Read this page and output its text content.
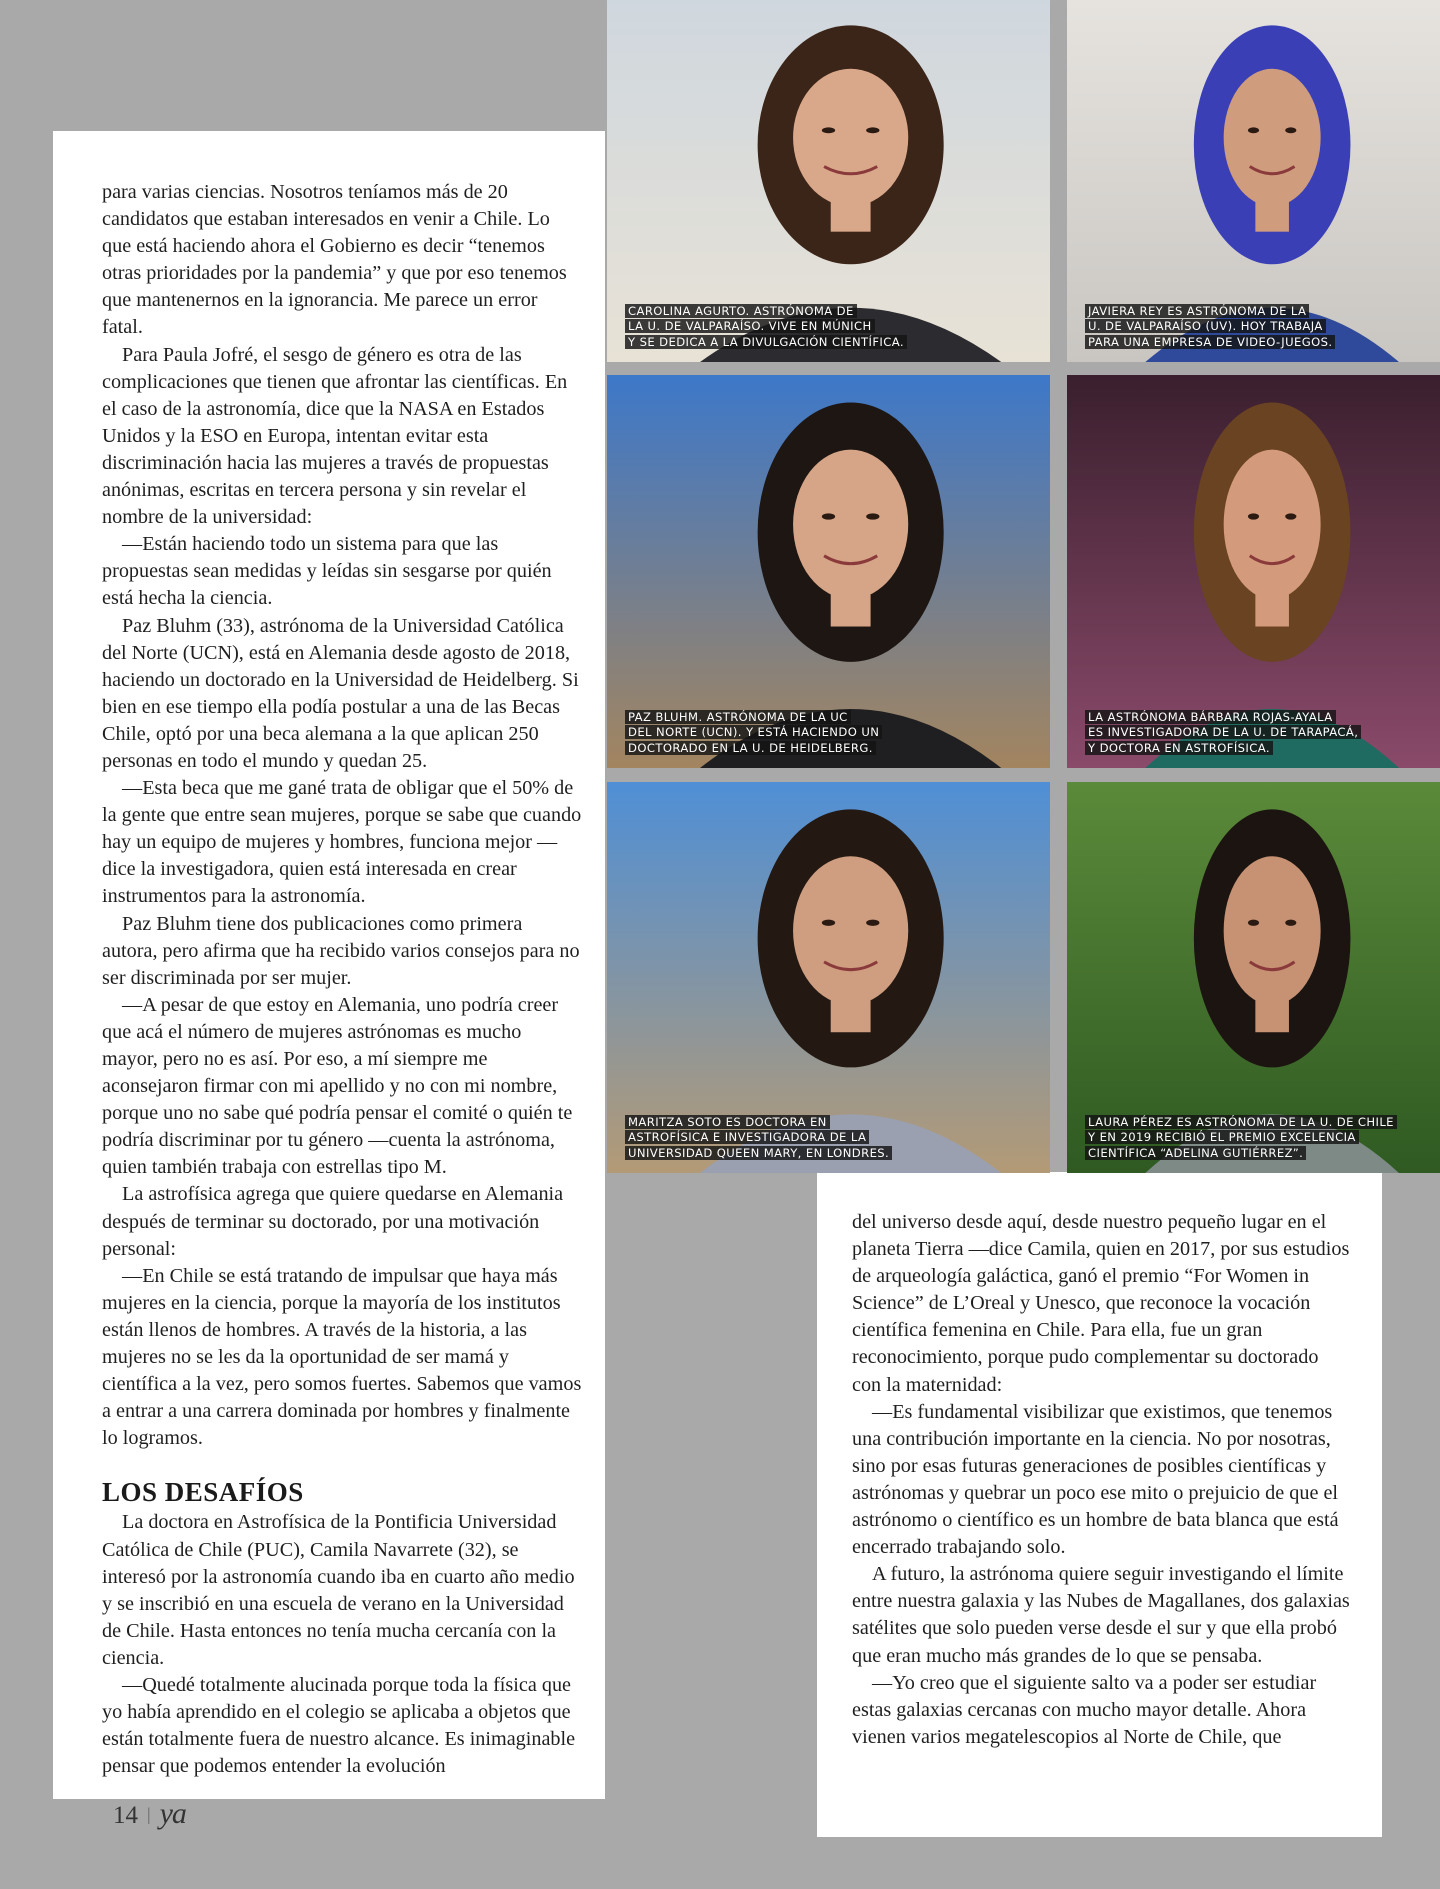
para varias ciencias. Nosotros teníamos más de 20 candidatos que estaban interesados en venir a Chile. Lo que está haciendo ahora el Gobierno es decir “tenemos otras prioridades por la pandemia” y que por eso tenemos que mantenernos en la ignorancia. Me parece un error fatal.

Para Paula Jofré, el sesgo de género es otra de las complicaciones que tienen que afrontar las científicas. En el caso de la astronomía, dice que la NASA en Estados Unidos y la ESO en Europa, intentan evitar esta discriminación hacia las mujeres a través de propuestas anónimas, escritas en tercera persona y sin revelar el nombre de la universidad:

—Están haciendo todo un sistema para que las propuestas sean medidas y leídas sin sesgarse por quién está hecha la ciencia.

Paz Bluhm (33), astrónoma de la Universidad Católica del Norte (UCN), está en Alemania desde agosto de 2018, haciendo un doctorado en la Universidad de Heidelberg. Si bien en ese tiempo ella podía postular a una de las Becas Chile, optó por una beca alemana a la que aplican 250 personas en todo el mundo y quedan 25.

—Esta beca que me gané trata de obligar que el 50% de la gente que entre sean mujeres, porque se sabe que cuando hay un equipo de mujeres y hombres, funciona mejor —dice la investigadora, quien está interesada en crear instrumentos para la astronomía.

Paz Bluhm tiene dos publicaciones como primera autora, pero afirma que ha recibido varios consejos para no ser discriminada por ser mujer.

—A pesar de que estoy en Alemania, uno podría creer que acá el número de mujeres astrónomas es mucho mayor, pero no es así. Por eso, a mí siempre me aconsejaron firmar con mi apellido y no con mi nombre, porque uno no sabe qué podría pensar el comité o quién te podría discriminar por tu género —cuenta la astrónoma, quien también trabaja con estrellas tipo M.

La astrofísica agrega que quiere quedarse en Alemania después de terminar su doctorado, por una motivación personal:

—En Chile se está tratando de impulsar que haya más mujeres en la ciencia, porque la mayoría de los institutos están llenos de hombres. A través de la historia, a las mujeres no se les da la oportunidad de ser mamá y científica a la vez, pero somos fuertes. Sabemos que vamos a entrar a una carrera dominada por hombres y finalmente lo logramos.

LOS DESAFÍOS

La doctora en Astrofísica de la Pontificia Universidad Católica de Chile (PUC), Camila Navarrete (32), se interesó por la astronomía cuando iba en cuarto año medio y se inscribió en una escuela de verano en la Universidad de Chile. Hasta entonces no tenía mucha cercanía con la ciencia.

—Quedé totalmente alucinada porque toda la física que yo había aprendido en el colegio se aplicaba a objetos que están totalmente fuera de nuestro alcance. Es inimaginable pensar que podemos entender la evolución

del universo desde aquí, desde nuestro pequeño lugar en el planeta Tierra —dice Camila, quien en 2017, por sus estudios de arqueología galáctica, ganó el premio “For Women in Science” de L’Oreal y Unesco, que reconoce la vocación científica femenina en Chile. Para ella, fue un gran reconocimiento, porque pudo complementar su doctorado con la maternidad:

—Es fundamental visibilizar que existimos, que tenemos una contribución importante en la ciencia. No por nosotras, sino por esas futuras generaciones de posibles científicas y astrónomas y quebrar un poco ese mito o prejuicio de que el astrónomo o científico es un hombre de bata blanca que está encerrado trabajando solo.

A futuro, la astrónoma quiere seguir investigando el límite entre nuestra galaxia y las Nubes de Magallanes, dos galaxias satélites que solo pueden verse desde el sur y que ella probó que eran mucho más grandes de lo que se pensaba.

—Yo creo que el siguiente salto va a poder ser estudiar estas galaxias cercanas con mucho mayor detalle. Ahora vienen varios megatelescopios al Norte de Chile, que

CAROLINA AGURTO. ASTRÓNOMA DE
LA U. DE VALPARAÍSO. VIVE EN MÚNICH
Y SE DEDICA A LA DIVULGACIÓN CIENTÍFICA.
JAVIERA REY ES ASTRÓNOMA DE LA
U. DE VALPARAÍSO (UV). HOY TRABAJA
PARA UNA EMPRESA DE VIDEO-JUEGOS.
PAZ BLUHM. ASTRÓNOMA DE LA UC
DEL NORTE (UCN). Y ESTÁ HACIENDO UN
DOCTORADO EN LA U. DE HEIDELBERG.
LA ASTRÓNOMA BÁRBARA ROJAS-AYALA
ES INVESTIGADORA DE LA U. DE TARAPACÁ,
Y DOCTORA EN ASTROFÍSICA.
MARITZA SOTO ES DOCTORA EN
ASTROFÍSICA E INVESTIGADORA DE LA
UNIVERSIDAD QUEEN MARY, EN LONDRES.
LAURA PÉREZ ES ASTRÓNOMA DE LA U. DE CHILE
Y EN 2019 RECIBIÓ EL PREMIO EXCELENCIA
CIENTÍFICA “ADELINA GUTIÉRREZ”.
14 | ya
